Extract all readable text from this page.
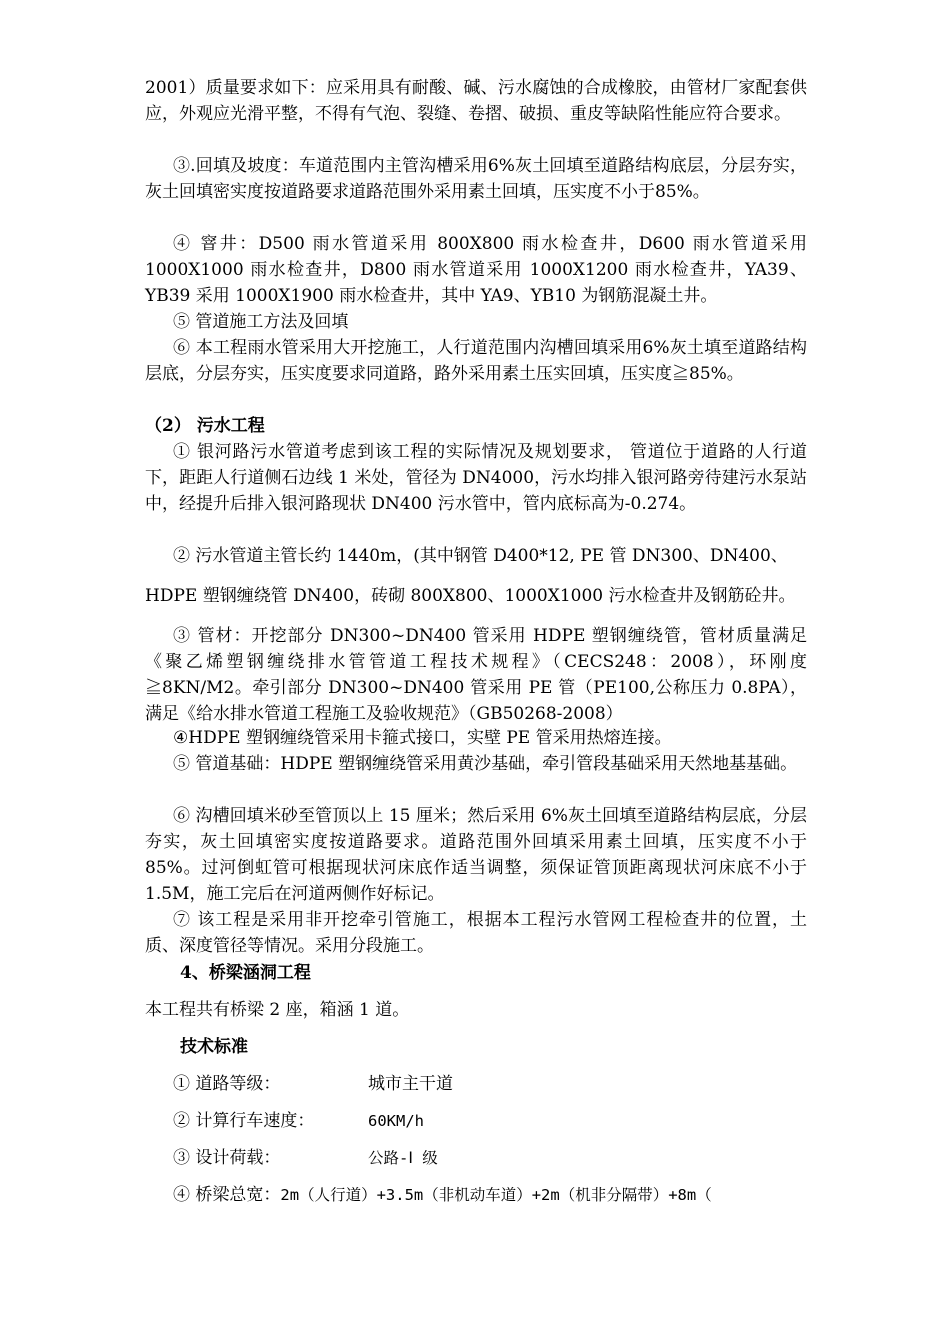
2001）质量要求如下：应采用具有耐酸、碱、污水腐蚀的合成橡胶，由管材厂家配套供应，外观应光滑平整，不得有气泡、裂缝、卷摺、破损、重皮等缺陷性能应符合要求。

③.回填及坡度：车道范围内主管沟槽采用6%灰土回填至道路结构底层，分层夯实，灰土回填密实度按道路要求道路范围外采用素土回填，压实度不小于85%。

④ 窨井：D500 雨水管道采用 800X800 雨水检查井，D600 雨水管道采用 1000X1000 雨水检查井，D800 雨水管道采用 1000X1200 雨水检查井，YA39、YB39 采用 1000X1900 雨水检查井，其中 YA9、YB10 为钢筋混凝土井。

⑤ 管道施工方法及回填

⑥ 本工程雨水管采用大开挖施工，人行道范围内沟槽回填采用6%灰土填至道路结构层底，分层夯实，压实度要求同道路，路外采用素土压实回填，压实度≧85%。

（2） 污水工程

① 银河路污水管道考虑到该工程的实际情况及规划要求， 管道位于道路的人行道下，距距人行道侧石边线 1 米处，管径为 DN4000，污水均排入银河路旁待建污水泵站中，经提升后排入银河路现状 DN400 污水管中，管内底标高为-0.274。

② 污水管道主管长约 1440m，(其中钢管 D400*12, PE 管 DN300、DN400、

HDPE 塑钢缠绕管 DN400，砖砌 800X800、1000X1000 污水检查井及钢筋砼井。

③ 管材：开挖部分 DN300~DN400 管采用 HDPE 塑钢缠绕管，管材质量满足《聚乙烯塑钢缠绕排水管管道工程技术规程》（CECS248：2008），环刚度≧8KN/M2。牵引部分 DN300~DN400 管采用 PE 管（PE100,公称压力 0.8PA），满足《给水排水管道工程施工及验收规范》（GB50268-2008）

④HDPE 塑钢缠绕管采用卡箍式接口，实壁 PE 管采用热熔连接。

⑤ 管道基础：HDPE 塑钢缠绕管采用黄沙基础，牵引管段基础采用天然地基基础。

⑥ 沟槽回填米砂至管顶以上 15 厘米；然后采用 6%灰土回填至道路结构层底，分层夯实，灰土回填密实度按道路要求。道路范围外回填采用素土回填，压实度不小于 85%。过河倒虹管可根据现状河床底作适当调整，须保证管顶距离现状河床底不小于 1.5M，施工完后在河道两侧作好标记。

⑦ 该工程是采用非开挖牵引管施工，根据本工程污水管网工程检查井的位置，土质、深度管径等情况。采用分段施工。

4、桥梁涵洞工程

本工程共有桥梁 2 座，箱涵 1 道。

技术标准

① 道路等级：	城市主干道
② 计算行车速度：	60KM/h
③ 设计荷载：	公路-Ⅰ 级
④ 桥梁总宽：2m（人行道）+3.5m（非机动车道）+2m（机非分隔带）+8m（
